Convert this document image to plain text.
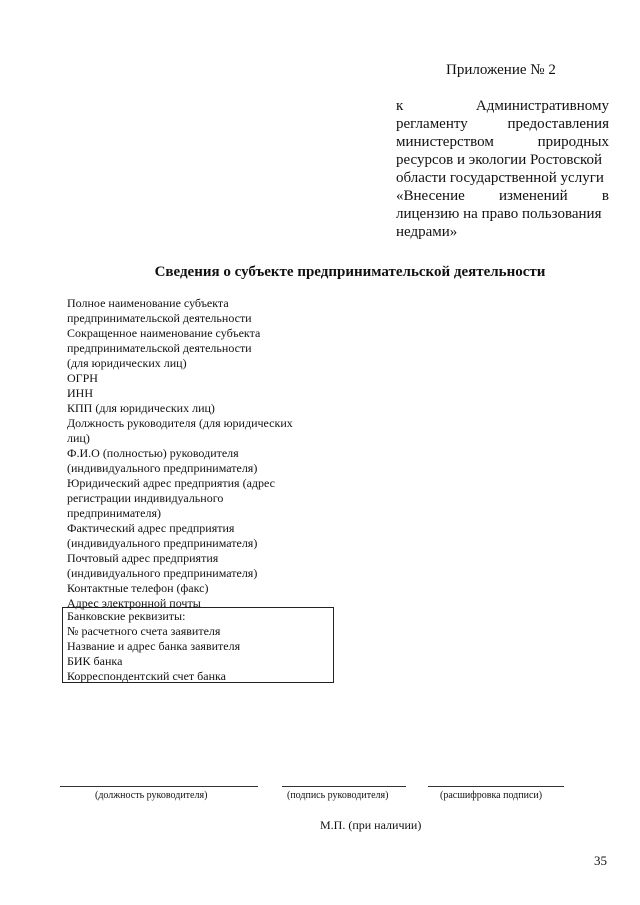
Приложение № 2
к Административному
регламенту предоставления
министерством природных
ресурсов и экологии Ростовской
области государственной услуги
«Внесение изменений в
лицензию на право пользования
недрами»
Сведения о субъекте предпринимательской деятельности
Полное наименование субъекта
предпринимательской деятельности
Сокращенное наименование субъекта
предпринимательской деятельности
(для юридических лиц)
ОГРН
ИНН
КПП (для юридических лиц)
Должность руководителя (для юридических
лиц)
Ф.И.О (полностью) руководителя
(индивидуального предпринимателя)
Юридический адрес предприятия (адрес
регистрации индивидуального
предпринимателя)
Фактический адрес предприятия
(индивидуального предпринимателя)
Почтовый адрес предприятия
(индивидуального предпринимателя)
Контактные телефон (факс)
Адрес электронной почты
Банковские реквизиты:
№ расчетного счета заявителя
Название и адрес банка заявителя
БИК банка
Корреспондентский счет банка
(должность руководителя)	(подпись руководителя)	(расшифровка подписи)
М.П. (при наличии)
35
